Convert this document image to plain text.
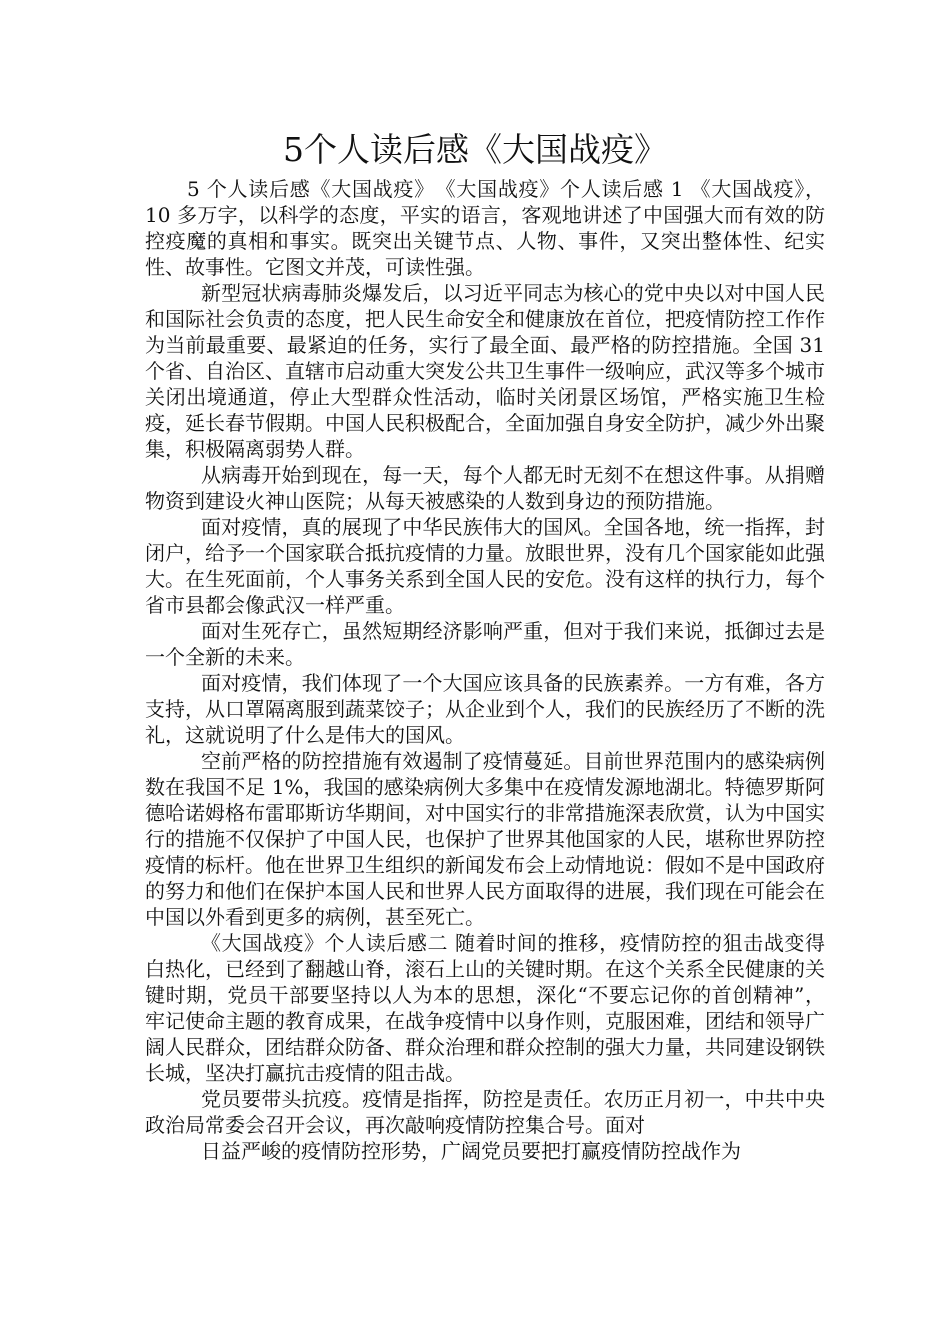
5个人读后感《大国战疫》

5 个人读后感《大国战疫》　《大国战疫》个人读后感 1 《大国战疫》，10 多万字，以科学的态度，平实的语言，客观地讲述了中国强大而有效的防控疫魔的真相和事实。既突出关键节点、人物、事件，又突出整体性、纪实性、故事性。它图文并茂，可读性强。

新型冠状病毒肺炎爆发后，以习近平同志为核心的党中央以对中国人民和国际社会负责的态度，把人民生命安全和健康放在首位，把疫情防控工作作为当前最重要、最紧迫的任务，实行了最全面、最严格的防控措施。全国 31 个省、自治区、直辖市启动重大突发公共卫生事件一级响应，武汉等多个城市关闭出境通道，停止大型群众性活动，临时关闭景区场馆，严格实施卫生检疫，延长春节假期。中国人民积极配合，全面加强自身安全防护，减少外出聚集，积极隔离弱势人群。

从病毒开始到现在，每一天，每个人都无时无刻不在想这件事。从捐赠物资到建设火神山医院；从每天被感染的人数到身边的预防措施。

面对疫情，真的展现了中华民族伟大的国风。全国各地，统一指挥，封闭户，给予一个国家联合抵抗疫情的力量。放眼世界，没有几个国家能如此强大。在生死面前，个人事务关系到全国人民的安危。没有这样的执行力，每个省市县都会像武汉一样严重。

面对生死存亡，虽然短期经济影响严重，但对于我们来说，抵御过去是一个全新的未来。

面对疫情，我们体现了一个大国应该具备的民族素养。一方有难，各方支持，从口罩隔离服到蔬菜饺子；从企业到个人，我们的民族经历了不断的洗礼，这就说明了什么是伟大的国风。

空前严格的防控措施有效遏制了疫情蔓延。目前世界范围内的感染病例数在我国不足 1%，我国的感染病例大多集中在疫情发源地湖北。特德罗斯阿德哈诺姆格布雷耶斯访华期间，对中国实行的非常措施深表欣赏，认为中国实行的措施不仅保护了中国人民，也保护了世界其他国家的人民，堪称世界防控疫情的标杆。他在世界卫生组织的新闻发布会上动情地说：假如不是中国政府的努力和他们在保护本国人民和世界人民方面取得的进展，我们现在可能会在中国以外看到更多的病例，甚至死亡。

《大国战疫》个人读后感二 随着时间的推移，疫情防控的狙击战变得白热化，已经到了翻越山脊，滚石上山的关键时期。在这个关系全民健康的关键时期，党员干部要坚持以人为本的思想，深化“不要忘记你的首创精神”，牢记使命主题的教育成果，在战争疫情中以身作则，克服困难，团结和领导广阔人民群众，团结群众防备、群众治理和群众控制的强大力量，共同建设钢铁长城，坚决打赢抗击疫情的阻击战。

党员要带头抗疫。疫情是指挥，防控是责任。农历正月初一，中共中央政治局常委会召开会议，再次敲响疫情防控集合号。面对

日益严峻的疫情防控形势，广阔党员要把打赢疫情防控战作为
